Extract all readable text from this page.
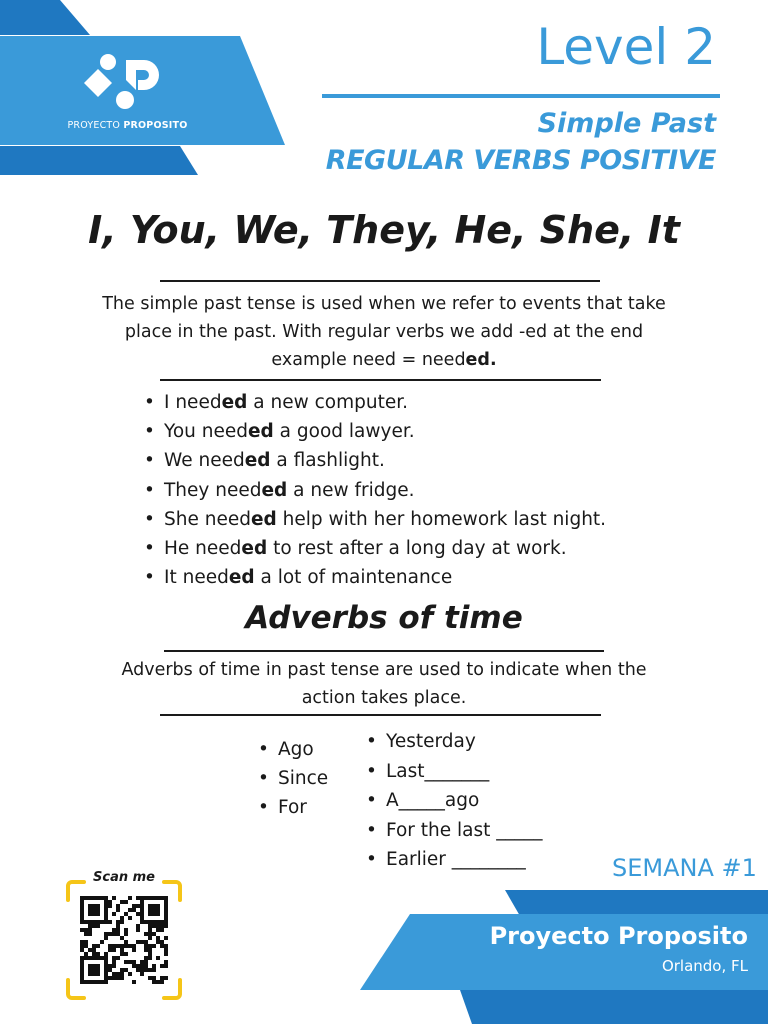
PROYECTO PROPOSITO
Level 2
Simple Past
REGULAR VERBS POSITIVE
I, You, We, They, He, She, It
The simple past tense is used when we refer to events that take
place in the past. With regular verbs we add -ed at the end
example need = needed.
• I needed a new computer.
• You needed a good lawyer.
• We needed a flashlight.
• They needed a new fridge.
• She needed help with her homework last night.
• He needed to rest after a long day at work.
• It needed a lot of maintenance
Adverbs of time
Adverbs of time in past tense are used to indicate when the
action takes place.
• Ago
• Since
• For
• Yesterday
• Last_______
• A_____ago
• For the last _____
• Earlier ________	SEMANA #1
Proyecto Proposito
Orlando, FL
Scan me
